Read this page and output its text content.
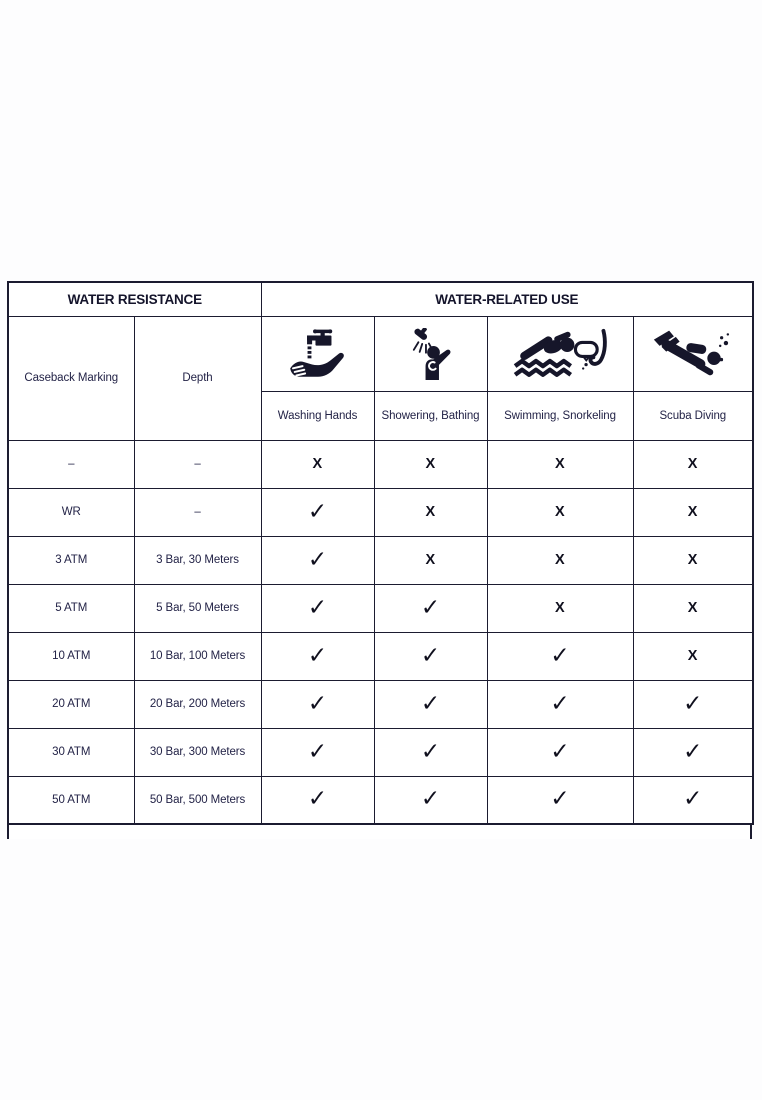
WATER RESISTANCE		WATER-RELATED USE			
Caseback Marking	Depth	

		Washing Hands	Showering, Bathing	Swimming, Snorkeling	Scuba Diving
–	–	X	X	X	X
WR	–	✓	X	X	X
3 ATM	3 Bar, 30 Meters	✓	X	X	X
5 ATM	5 Bar, 50 Meters	✓	✓	X	X
10 ATM	10 Bar, 100 Meters	✓	✓	✓	X
20 ATM	20 Bar, 200 Meters	✓	✓	✓	✓
30 ATM	30 Bar, 300 Meters	✓	✓	✓	✓
50 ATM	50 Bar, 500 Meters	✓	✓	✓	✓
